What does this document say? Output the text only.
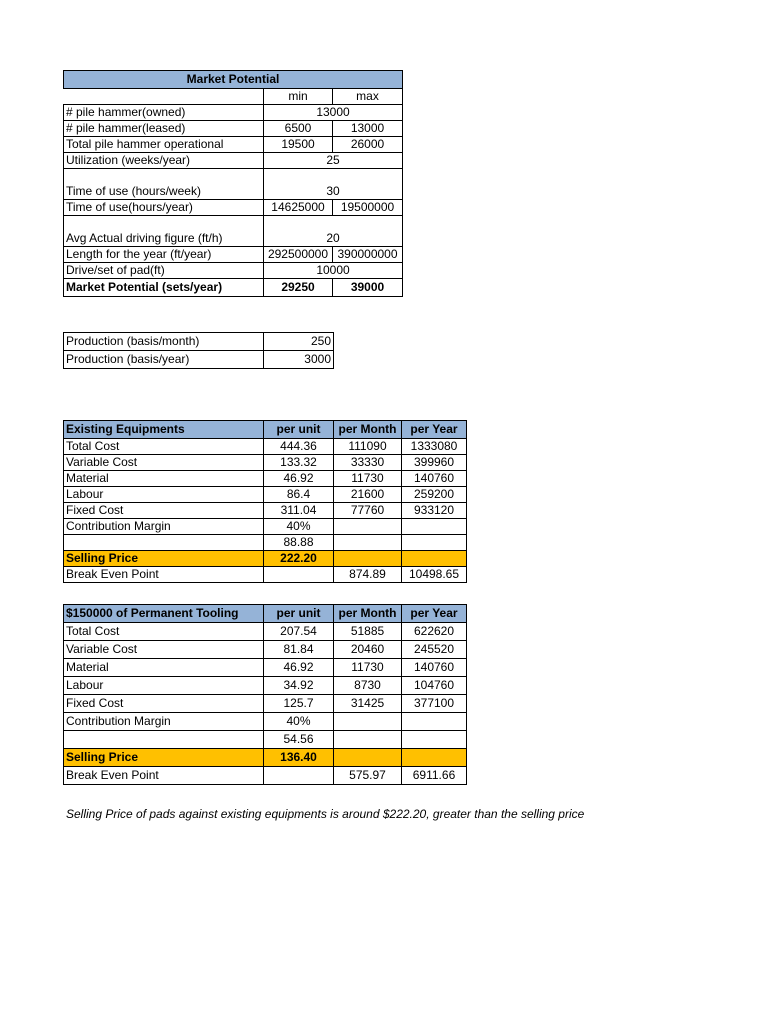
Market Potential		
	min	max
# pile hammer(owned)	13000	
# pile hammer(leased)	6500	13000
Total pile hammer operational	19500	26000
Utilization (weeks/year)	25	
Time of use (hours/week)	30	
Time of use(hours/year)	14625000	19500000
Avg Actual driving figure (ft/h)	20	
Length for the year (ft/year)	292500000	390000000
Drive/set of pad(ft)	10000	
Market Potential (sets/year)	29250	39000
Production (basis/month)	250
Production (basis/year)	3000
Existing Equipments	per unit	per Month	per Year
Total Cost	444.36	111090	1333080
Variable Cost	133.32	33330	399960
Material	46.92	11730	140760
Labour	86.4	21600	259200
Fixed Cost	311.04	77760	933120
Contribution Margin	40%		
	88.88		
Selling Price	222.20		
Break Even Point		874.89	10498.65
$150000 of Permanent Tooling	per unit	per Month	per Year
Total Cost	207.54	51885	622620
Variable Cost	81.84	20460	245520
Material	46.92	11730	140760
Labour	34.92	8730	104760
Fixed Cost	125.7	31425	377100
Contribution Margin	40%		
	54.56		
Selling Price	136.40		
Break Even Point		575.97	6911.66
Selling Price of pads against existing equipments is around $222.20, greater than the selling price
